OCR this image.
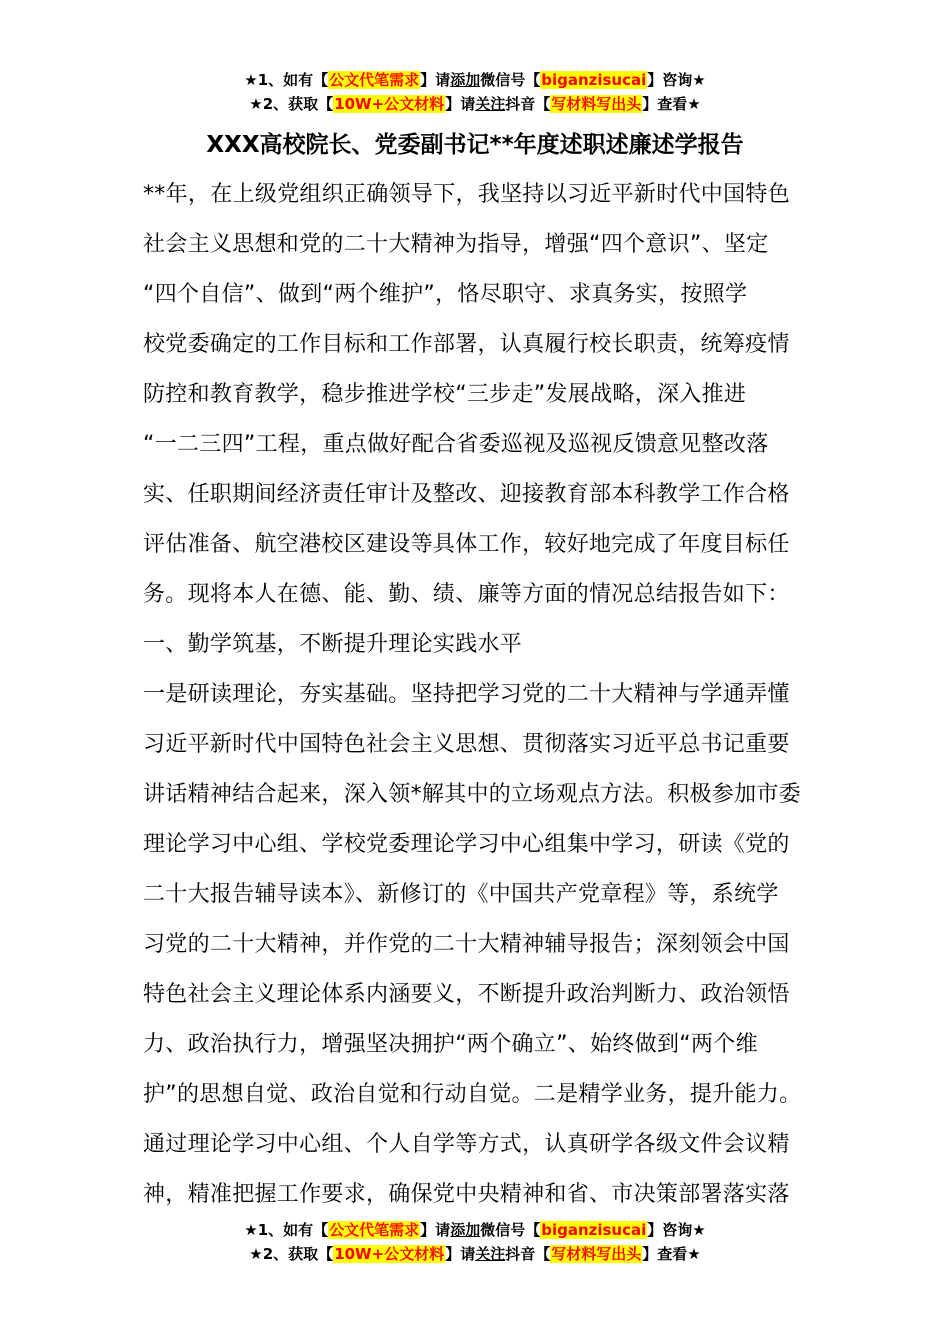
★1、如有【公文代笔需求】请添加微信号【biganzisucai】咨询★
★2、获取【10W+公文材料】请关注抖音【写材料写出头】查看★
XXX高校院长、党委副书记**年度述职述廉述学报告
**年，在上级党组织正确领导下，我坚持以习近平新时代中国特色
社会主义思想和党的二十大精神为指导，增强“四个意识”、坚定
“四个自信”、做到“两个维护”，恪尽职守、求真务实，按照学
校党委确定的工作目标和工作部署，认真履行校长职责，统筹疫情
防控和教育教学，稳步推进学校“三步走”发展战略，深入推进
“一二三四”工程，重点做好配合省委巡视及巡视反馈意见整改落
实、任职期间经济责任审计及整改、迎接教育部本科教学工作合格
评估准备、航空港校区建设等具体工作，较好地完成了年度目标任
务。现将本人在德、能、勤、绩、廉等方面的情况总结报告如下：
一、勤学筑基，不断提升理论实践水平
一是研读理论，夯实基础。坚持把学习党的二十大精神与学通弄懂
习近平新时代中国特色社会主义思想、贯彻落实习近平总书记重要
讲话精神结合起来，深入领*解其中的立场观点方法。积极参加市委
理论学习中心组、学校党委理论学习中心组集中学习，研读《党的
二十大报告辅导读本》、新修订的《中国共产党章程》等，系统学
习党的二十大精神，并作党的二十大精神辅导报告；深刻领会中国
特色社会主义理论体系内涵要义，不断提升政治判断力、政治领悟
力、政治执行力，增强坚决拥护“两个确立”、始终做到“两个维
护”的思想自觉、政治自觉和行动自觉。二是精学业务，提升能力。
通过理论学习中心组、个人自学等方式，认真研学各级文件会议精
神，精准把握工作要求，确保党中央精神和省、市决策部署落实落
★1、如有【公文代笔需求】请添加微信号【biganzisucai】咨询★
★2、获取【10W+公文材料】请关注抖音【写材料写出头】查看★
